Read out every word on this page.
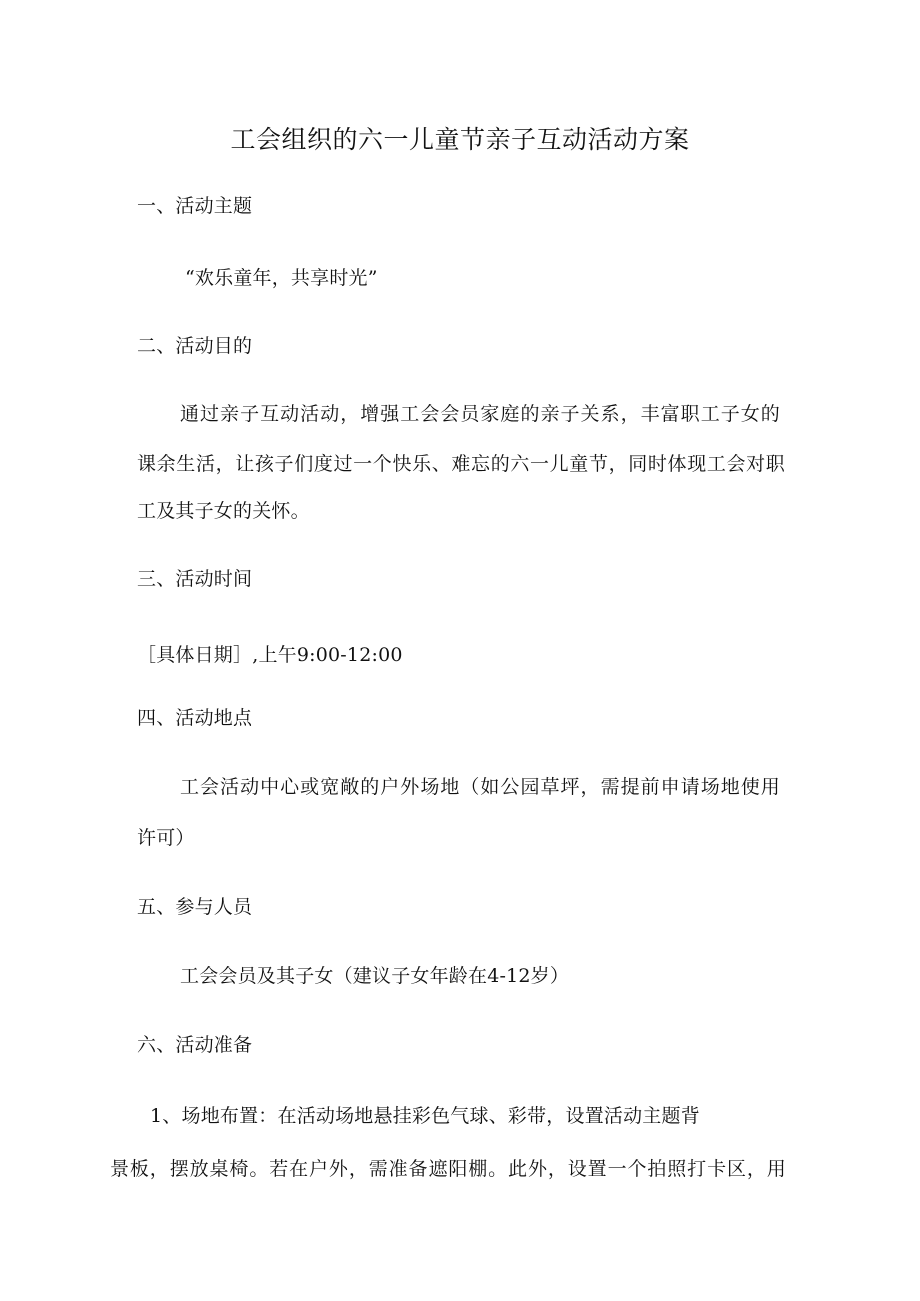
工会组织的六一儿童节亲子互动活动方案
一、活动主题
“欢乐童年，共享时光”
二、活动目的
通过亲子互动活动，增强工会会员家庭的亲子关系，丰富职工子女的
课余生活，让孩子们度过一个快乐、难忘的六一儿童节，同时体现工会对职
工及其子女的关怀。
三、活动时间
［具体日期］,上午9:00-12:00
四、活动地点
工会活动中心或宽敞的户外场地（如公园草坪，需提前申请场地使用
许可）
五、参与人员
工会会员及其子女（建议子女年龄在4-12岁）
六、活动准备
1、场地布置：在活动场地悬挂彩色气球、彩带，设置活动主题背
景板，摆放桌椅。若在户外，需准备遮阳棚。此外，设置一个拍照打卡区，用
